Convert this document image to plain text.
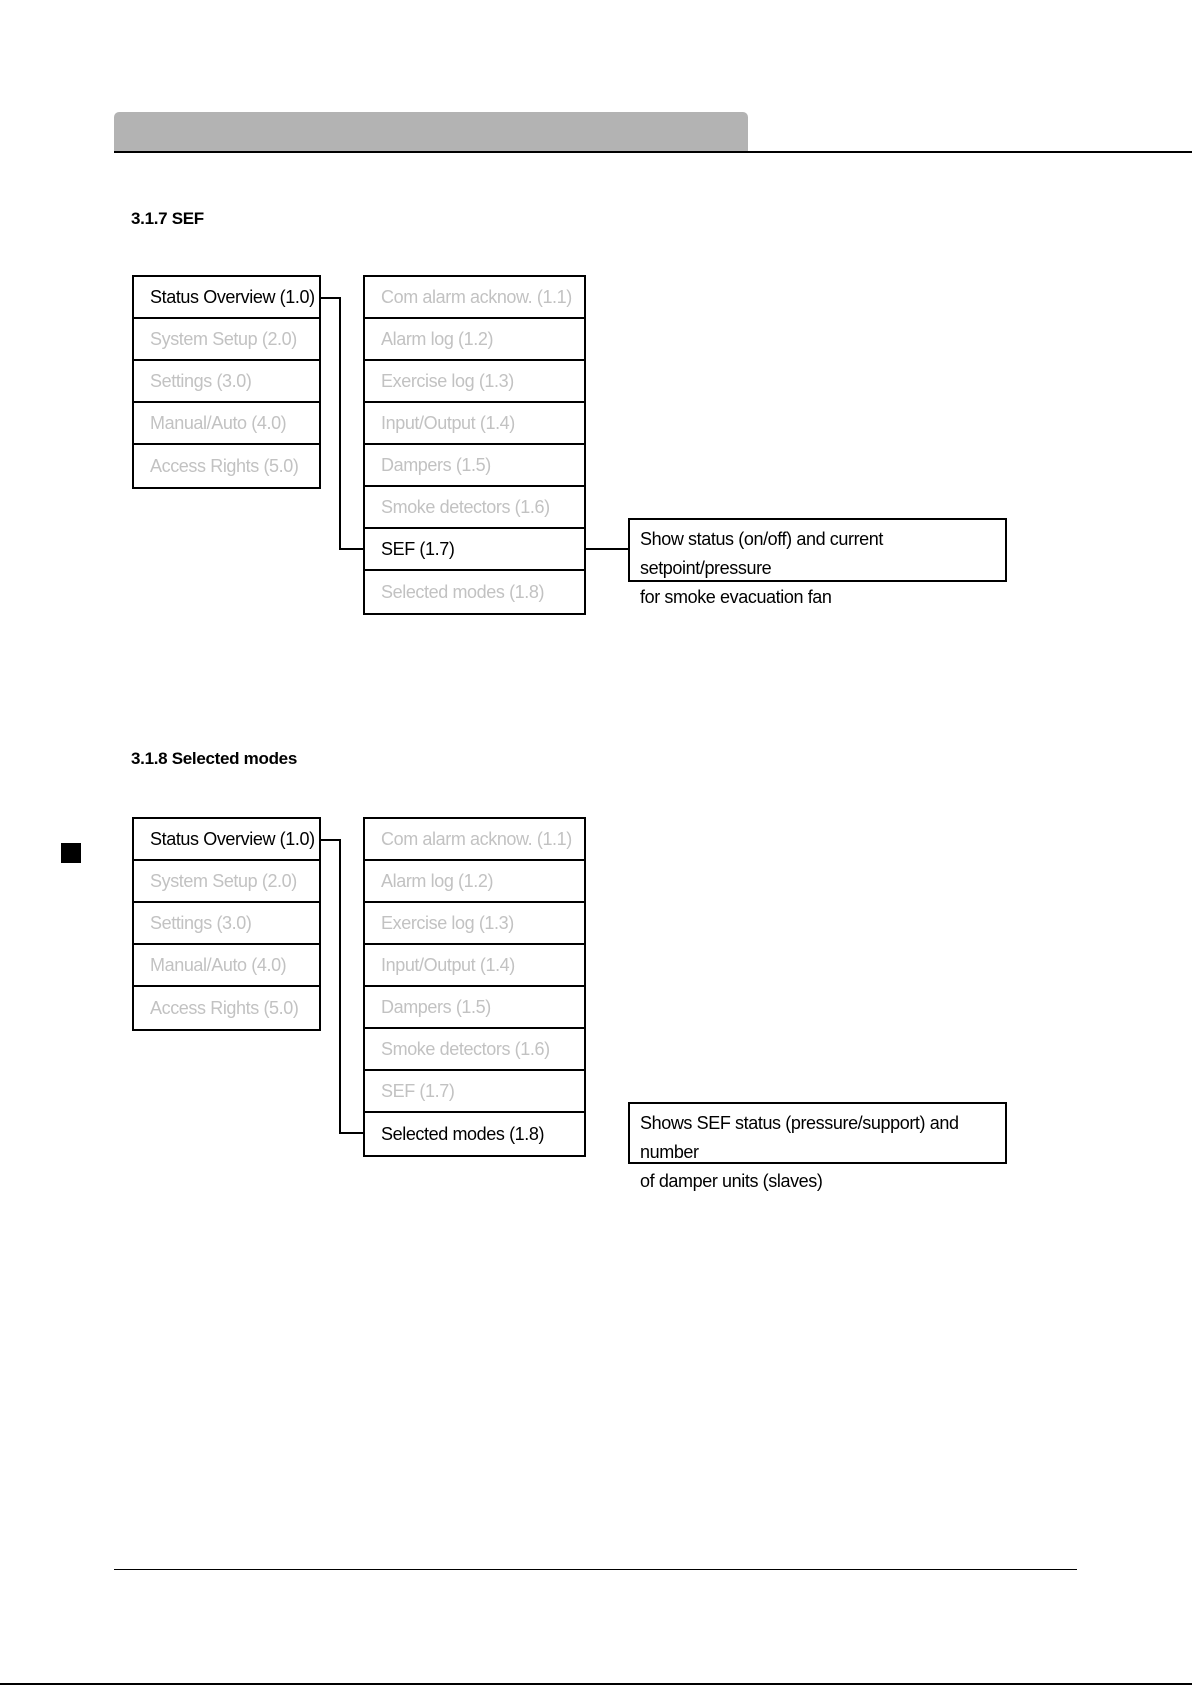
3.1.7 SEF
Status Overview (1.0)
System Setup (2.0)
Settings (3.0)
Manual/Auto (4.0)
Access Rights (5.0)
Com alarm acknow. (1.1)
Alarm log (1.2)
Exercise log (1.3)
Input/Output (1.4)
Dampers (1.5)
Smoke detectors (1.6)
SEF (1.7)
Selected modes (1.8)
Show status (on/off) and current setpoint/pressure
for smoke evacuation fan
3.1.8 Selected modes
Status Overview (1.0)
System Setup (2.0)
Settings (3.0)
Manual/Auto (4.0)
Access Rights (5.0)
Com alarm acknow. (1.1)
Alarm log (1.2)
Exercise log (1.3)
Input/Output (1.4)
Dampers (1.5)
Smoke detectors (1.6)
SEF (1.7)
Selected modes (1.8)
Shows SEF status (pressure/support) and number
of damper units (slaves)
